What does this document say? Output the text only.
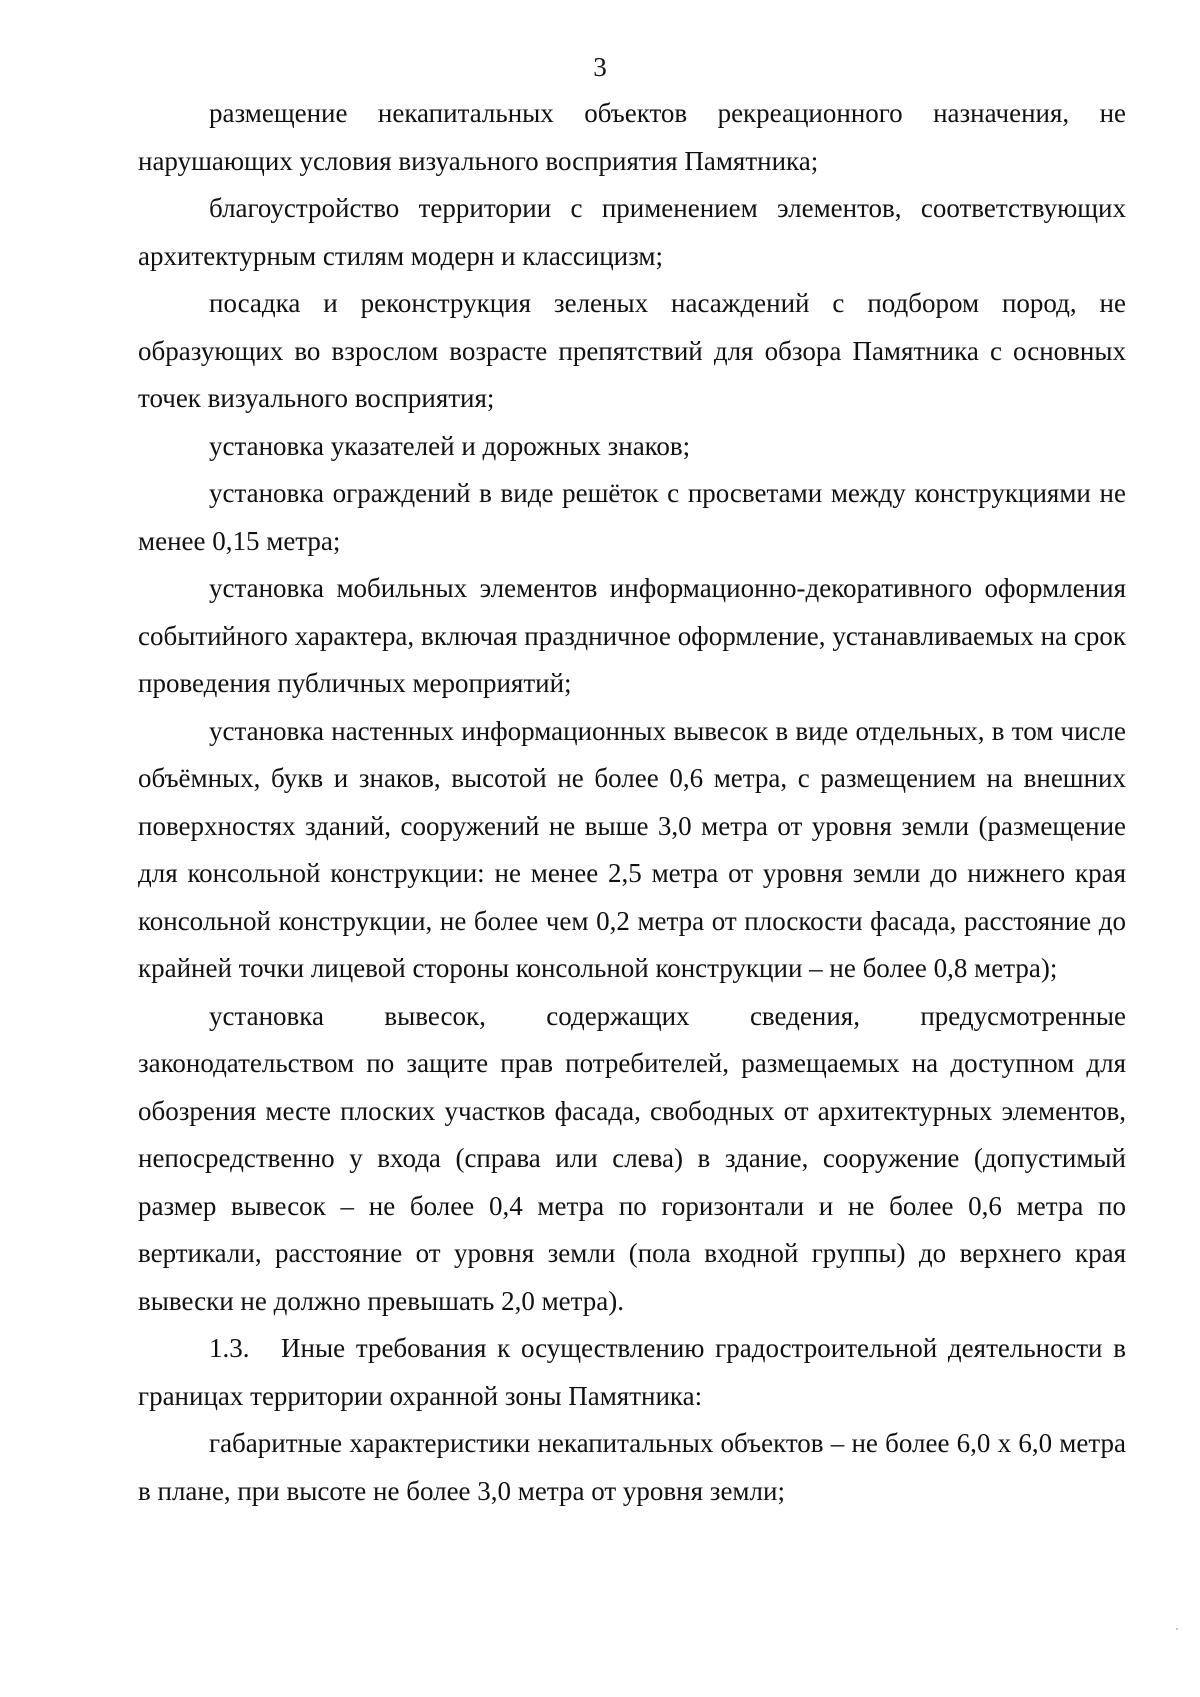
3

размещение некапитальных объектов рекреационного назначения, не нарушающих условия визуального восприятия Памятника;

благоустройство территории с применением элементов, соответствующих архитектурным стилям модерн и классицизм;

посадка и реконструкция зеленых насаждений с подбором пород, не образующих во взрослом возрасте препятствий для обзора Памятника с основных точек визуального восприятия;

установка указателей и дорожных знаков;

установка ограждений в виде решёток с просветами между конструкциями не менее 0,15 метра;

установка мобильных элементов информационно-декоративного оформления событийного характера, включая праздничное оформление, устанавливаемых на срок проведения публичных мероприятий;

установка настенных информационных вывесок в виде отдельных, в том числе объёмных, букв и знаков, высотой не более 0,6 метра, с размещением на внешних поверхностях зданий, сооружений не выше 3,0 метра от уровня земли (размещение для консольной конструкции: не менее 2,5 метра от уровня земли до нижнего края консольной конструкции, не более чем 0,2 метра от плоскости фасада, расстояние до крайней точки лицевой стороны консольной конструкции – не более 0,8 метра);

установка вывесок, содержащих сведения, предусмотренные законодательством по защите прав потребителей, размещаемых на доступном для обозрения месте плоских участков фасада, свободных от архитектурных элементов, непосредственно у входа (справа или слева) в здание, сооружение (допустимый размер вывесок – не более 0,4 метра по горизонтали и не более 0,6 метра по вертикали, расстояние от уровня земли (пола входной группы) до верхнего края вывески не должно превышать 2,0 метра).

1.3. Иные требования к осуществлению градостроительной деятельности в границах территории охранной зоны Памятника:

габаритные характеристики некапитальных объектов – не более 6,0 х 6,0 метра в плане, при высоте не более 3,0 метра от уровня земли;
